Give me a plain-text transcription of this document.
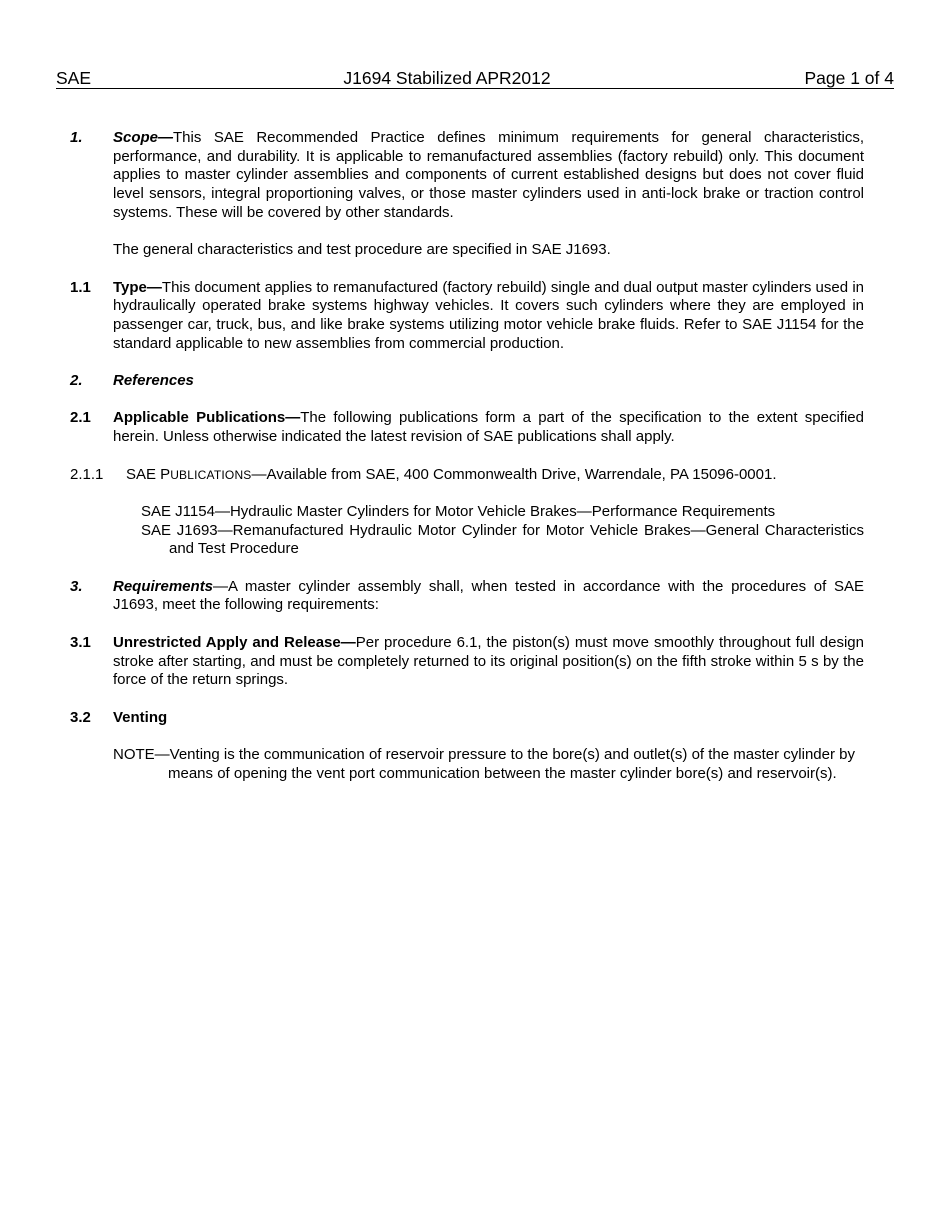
SAE	J1694 Stabilized APR2012	Page 1 of 4
1. Scope—This SAE Recommended Practice defines minimum requirements for general characteristics, performance, and durability. It is applicable to remanufactured assemblies (factory rebuild) only. This document applies to master cylinder assemblies and components of current established designs but does not cover fluid level sensors, integral proportioning valves, or those master cylinders used in anti-lock brake or traction control systems. These will be covered by other standards.
The general characteristics and test procedure are specified in SAE J1693.
1.1 Type—This document applies to remanufactured (factory rebuild) single and dual output master cylinders used in hydraulically operated brake systems highway vehicles. It covers such cylinders where they are employed in passenger car, truck, bus, and like brake systems utilizing motor vehicle brake fluids. Refer to SAE J1154 for the standard applicable to new assemblies from commercial production.
2. References
2.1 Applicable Publications—The following publications form a part of the specification to the extent specified herein. Unless otherwise indicated the latest revision of SAE publications shall apply.
2.1.1 SAE PUBLICATIONS—Available from SAE, 400 Commonwealth Drive, Warrendale, PA 15096-0001.
SAE J1154—Hydraulic Master Cylinders for Motor Vehicle Brakes—Performance Requirements
SAE J1693—Remanufactured Hydraulic Motor Cylinder for Motor Vehicle Brakes—General Characteristics and Test Procedure
3. Requirements—A master cylinder assembly shall, when tested in accordance with the procedures of SAE J1693, meet the following requirements:
3.1 Unrestricted Apply and Release—Per procedure 6.1, the piston(s) must move smoothly throughout full design stroke after starting, and must be completely returned to its original position(s) on the fifth stroke within 5 s by the force of the return springs.
3.2 Venting
NOTE—Venting is the communication of reservoir pressure to the bore(s) and outlet(s) of the master cylinder by means of opening the vent port communication between the master cylinder bore(s) and reservoir(s).
